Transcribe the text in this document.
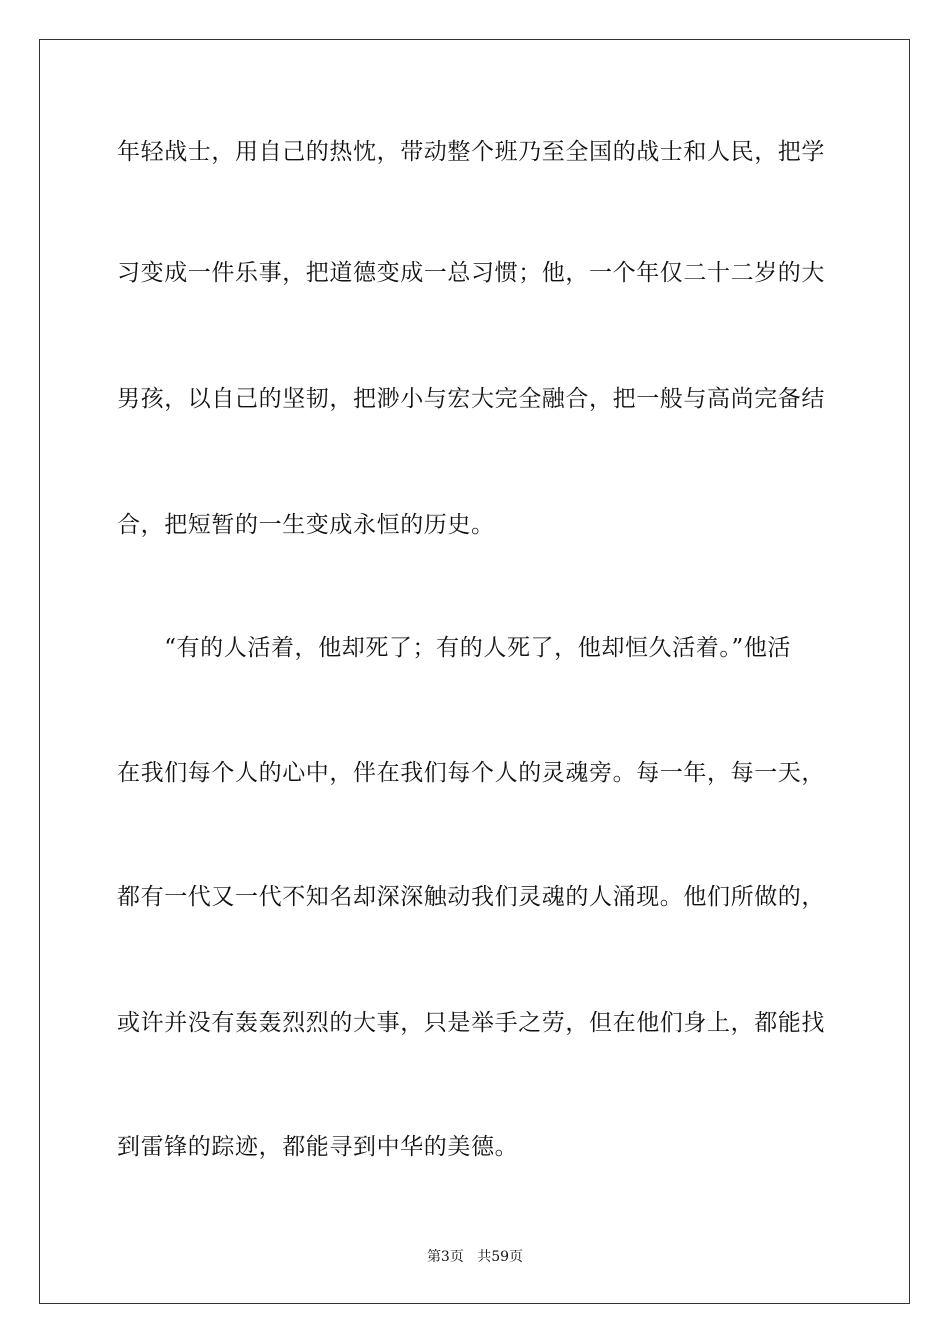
年轻战士，用自己的热忱，带动整个班乃至全国的战士和人民，把学
习变成一件乐事，把道德变成一总习惯；他，一个年仅二十二岁的大
男孩，以自己的坚韧，把渺小与宏大完全融合，把一般与高尚完备结
合，把短暂的一生变成永恒的历史。
　　“有的人活着，他却死了；有的人死了，他却恒久活着。”他活
在我们每个人的心中，伴在我们每个人的灵魂旁。每一年，每一天，
都有一代又一代不知名却深深触动我们灵魂的人涌现。他们所做的，
或许并没有轰轰烈烈的大事，只是举手之劳，但在他们身上，都能找
到雷锋的踪迹，都能寻到中华的美德。
第3页 共59页
